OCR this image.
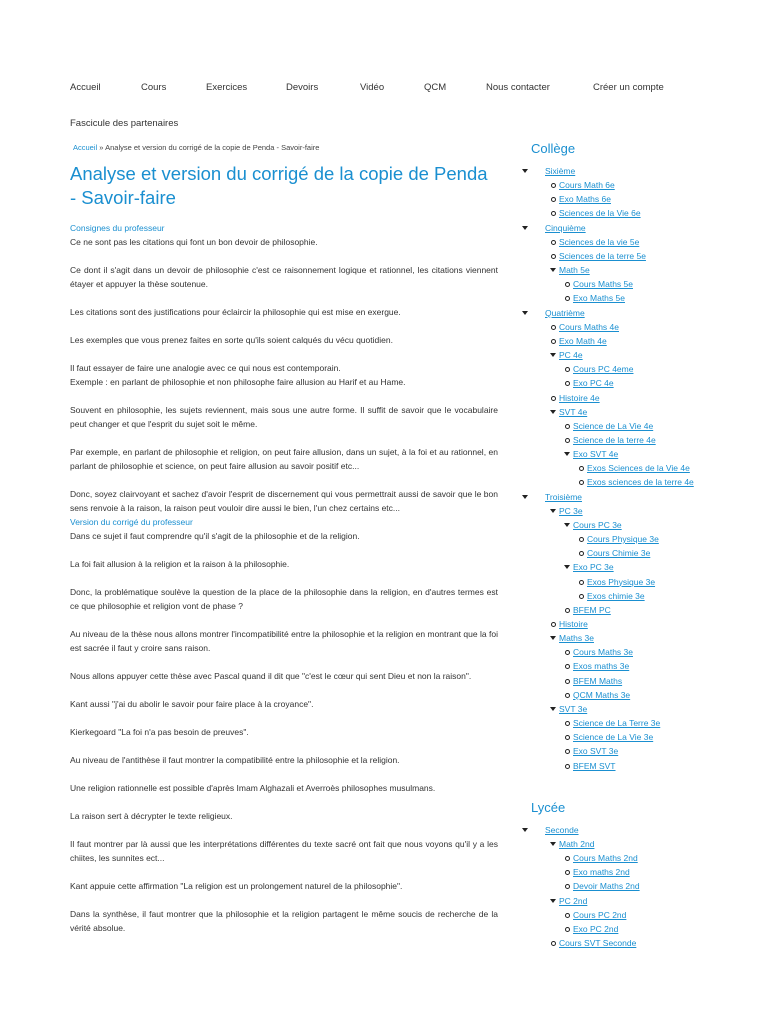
Accueil	Cours	Exercices	Devoirs	Vidéo	QCM	Nous contacter	Créer un compte
Fascicule des partenaires
Accueil » Analyse et version du corrigé de la copie de Penda - Savoir-faire
Analyse et version du corrigé de la copie de Penda - Savoir-faire
Consignes du professeur

Ce ne sont pas les citations qui font un bon devoir de philosophie.

Ce dont il s'agit dans un devoir de philosophie c'est ce raisonnement logique et rationnel, les citations viennent étayer et appuyer la thèse soutenue.

Les citations sont des justifications pour éclaircir la philosophie qui est mise en exergue.

Les exemples que vous prenez faites en sorte qu'ils soient calqués du vécu quotidien.

Il faut essayer de faire une analogie avec ce qui nous est contemporain.

Exemple : en parlant de philosophie et non philosophe faire allusion au Harif et au Hame.

Souvent en philosophie, les sujets reviennent, mais sous une autre forme. Il suffit de savoir que le vocabulaire peut changer et que l'esprit du sujet soit le même.

Par exemple, en parlant de philosophie et religion, on peut faire allusion, dans un sujet, à la foi et au rationnel, en parlant de philosophie et science, on peut faire allusion au savoir positif etc...

Donc, soyez clairvoyant et sachez d'avoir l'esprit de discernement qui vous permettrait aussi de savoir que le bon sens renvoie à la raison, la raison peut vouloir dire aussi le bien, l'un chez certains etc...

Version du corrigé du professeur

Dans ce sujet il faut comprendre qu'il s'agit de la philosophie et de la religion.

La foi fait allusion à la religion et la raison à la philosophie.

Donc, la problématique soulève la question de la place de la philosophie dans la religion, en d'autres termes est ce que philosophie et religion vont de phase ?

Au niveau de la thèse nous allons montrer l'incompatibilité entre la philosophie et la religion en montrant que la foi est sacrée il faut y croire sans raison.

Nous allons appuyer cette thèse avec Pascal quand il dit que "c'est le cœur qui sent Dieu et non la raison".

Kant aussi "j'ai du abolir le savoir pour faire place à la croyance".

Kierkegoard "La foi n'a pas besoin de preuves".

Au niveau de l'antithèse il faut montrer la compatibilité entre la philosophie et la religion.

Une religion rationnelle est possible d'après Imam Alghazali et Averroès philosophes musulmans.

La raison sert à décrypter le texte religieux.

Il faut montrer par là aussi que les interprétations différentes du texte sacré ont fait que nous voyons qu'il y a les chiites, les sunnites ect...

Kant appuie cette affirmation "La religion est un prolongement naturel de la philosophie".

Dans la synthèse, il faut montrer que la philosophie et la religion partagent le même soucis de recherche de la vérité absolue.

Collège
Sixième
Cours Math 6e
Exo Maths 6e
Sciences de la Vie 6e
Cinquième
Sciences de la vie 5e
Sciences de la terre 5e
Math 5e
Cours Maths 5e
Exo Maths 5e
Quatrième
Cours Maths 4e
Exo Math 4e
PC 4e
Cours PC 4eme
Exo PC 4e
Histoire 4e
SVT 4e
Science de La Vie 4e
Science de la terre 4e
Exo SVT 4e
Exos Sciences de la Vie 4e
Exos sciences de la terre 4e
Troisième
PC 3e
Cours PC 3e
Cours Physique 3e
Cours Chimie 3e
Exo PC 3e
Exos Physique 3e
Exos chimie 3e
BFEM PC
Histoire
Maths 3e
Cours Maths 3e
Exos maths 3e
BFEM Maths
QCM Maths 3e
SVT 3e
Science de La Terre 3e
Science de La Vie 3e
Exo SVT 3e
BFEM SVT
Lycée
Seconde
Math 2nd
Cours Maths 2nd
Exo maths 2nd
Devoir Maths 2nd
PC 2nd
Cours PC 2nd
Exo PC 2nd
Cours SVT Seconde
